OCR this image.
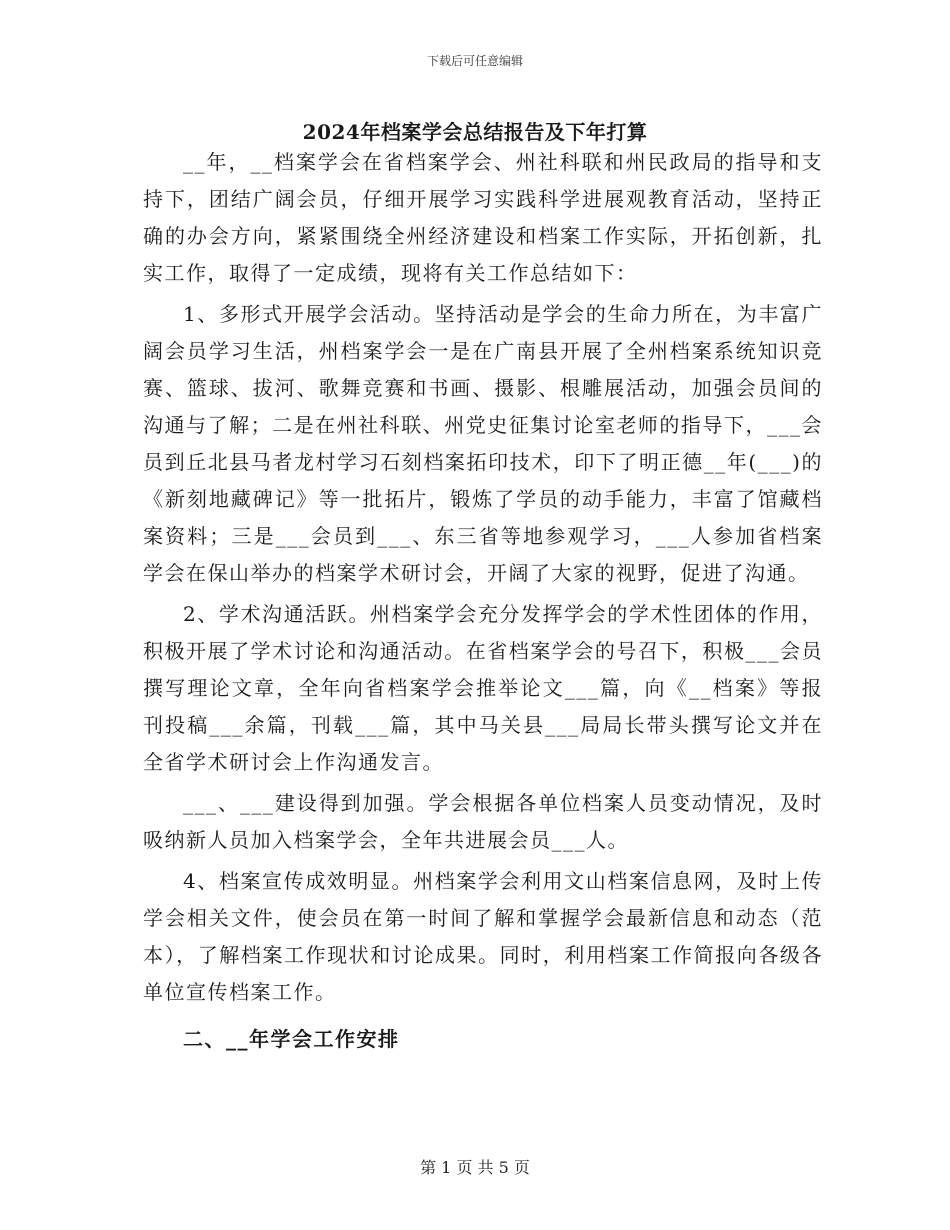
下载后可任意编辑
2024年档案学会总结报告及下年打算

__年，__档案学会在省档案学会、州社科联和州民政局的指导和支持下，团结广阔会员，仔细开展学习实践科学进展观教育活动，坚持正确的办会方向，紧紧围绕全州经济建设和档案工作实际，开拓创新，扎实工作，取得了一定成绩，现将有关工作总结如下：

1、多形式开展学会活动。坚持活动是学会的生命力所在，为丰富广阔会员学习生活，州档案学会一是在广南县开展了全州档案系统知识竞赛、篮球、拔河、歌舞竞赛和书画、摄影、根雕展活动，加强会员间的沟通与了解；二是在州社科联、州党史征集讨论室老师的指导下，___会员到丘北县马者龙村学习石刻档案拓印技术，印下了明正德__年(___)的《新刻地藏碑记》等一批拓片，锻炼了学员的动手能力，丰富了馆藏档案资料；三是___会员到___、东三省等地参观学习，___人参加省档案学会在保山举办的档案学术研讨会，开阔了大家的视野，促进了沟通。

2、学术沟通活跃。州档案学会充分发挥学会的学术性团体的作用，积极开展了学术讨论和沟通活动。在省档案学会的号召下，积极___会员撰写理论文章，全年向省档案学会推举论文___篇，向《__档案》等报刊投稿___余篇，刊载___篇，其中马关县___局局长带头撰写论文并在全省学术研讨会上作沟通发言。

___、___建设得到加强。学会根据各单位档案人员变动情况，及时吸纳新人员加入档案学会，全年共进展会员___人。

4、档案宣传成效明显。州档案学会利用文山档案信息网，及时上传学会相关文件，使会员在第一时间了解和掌握学会最新信息和动态（范本），了解档案工作现状和讨论成果。同时，利用档案工作简报向各级各单位宣传档案工作。

二、__年学会工作安排

第 1 页 共 5 页
